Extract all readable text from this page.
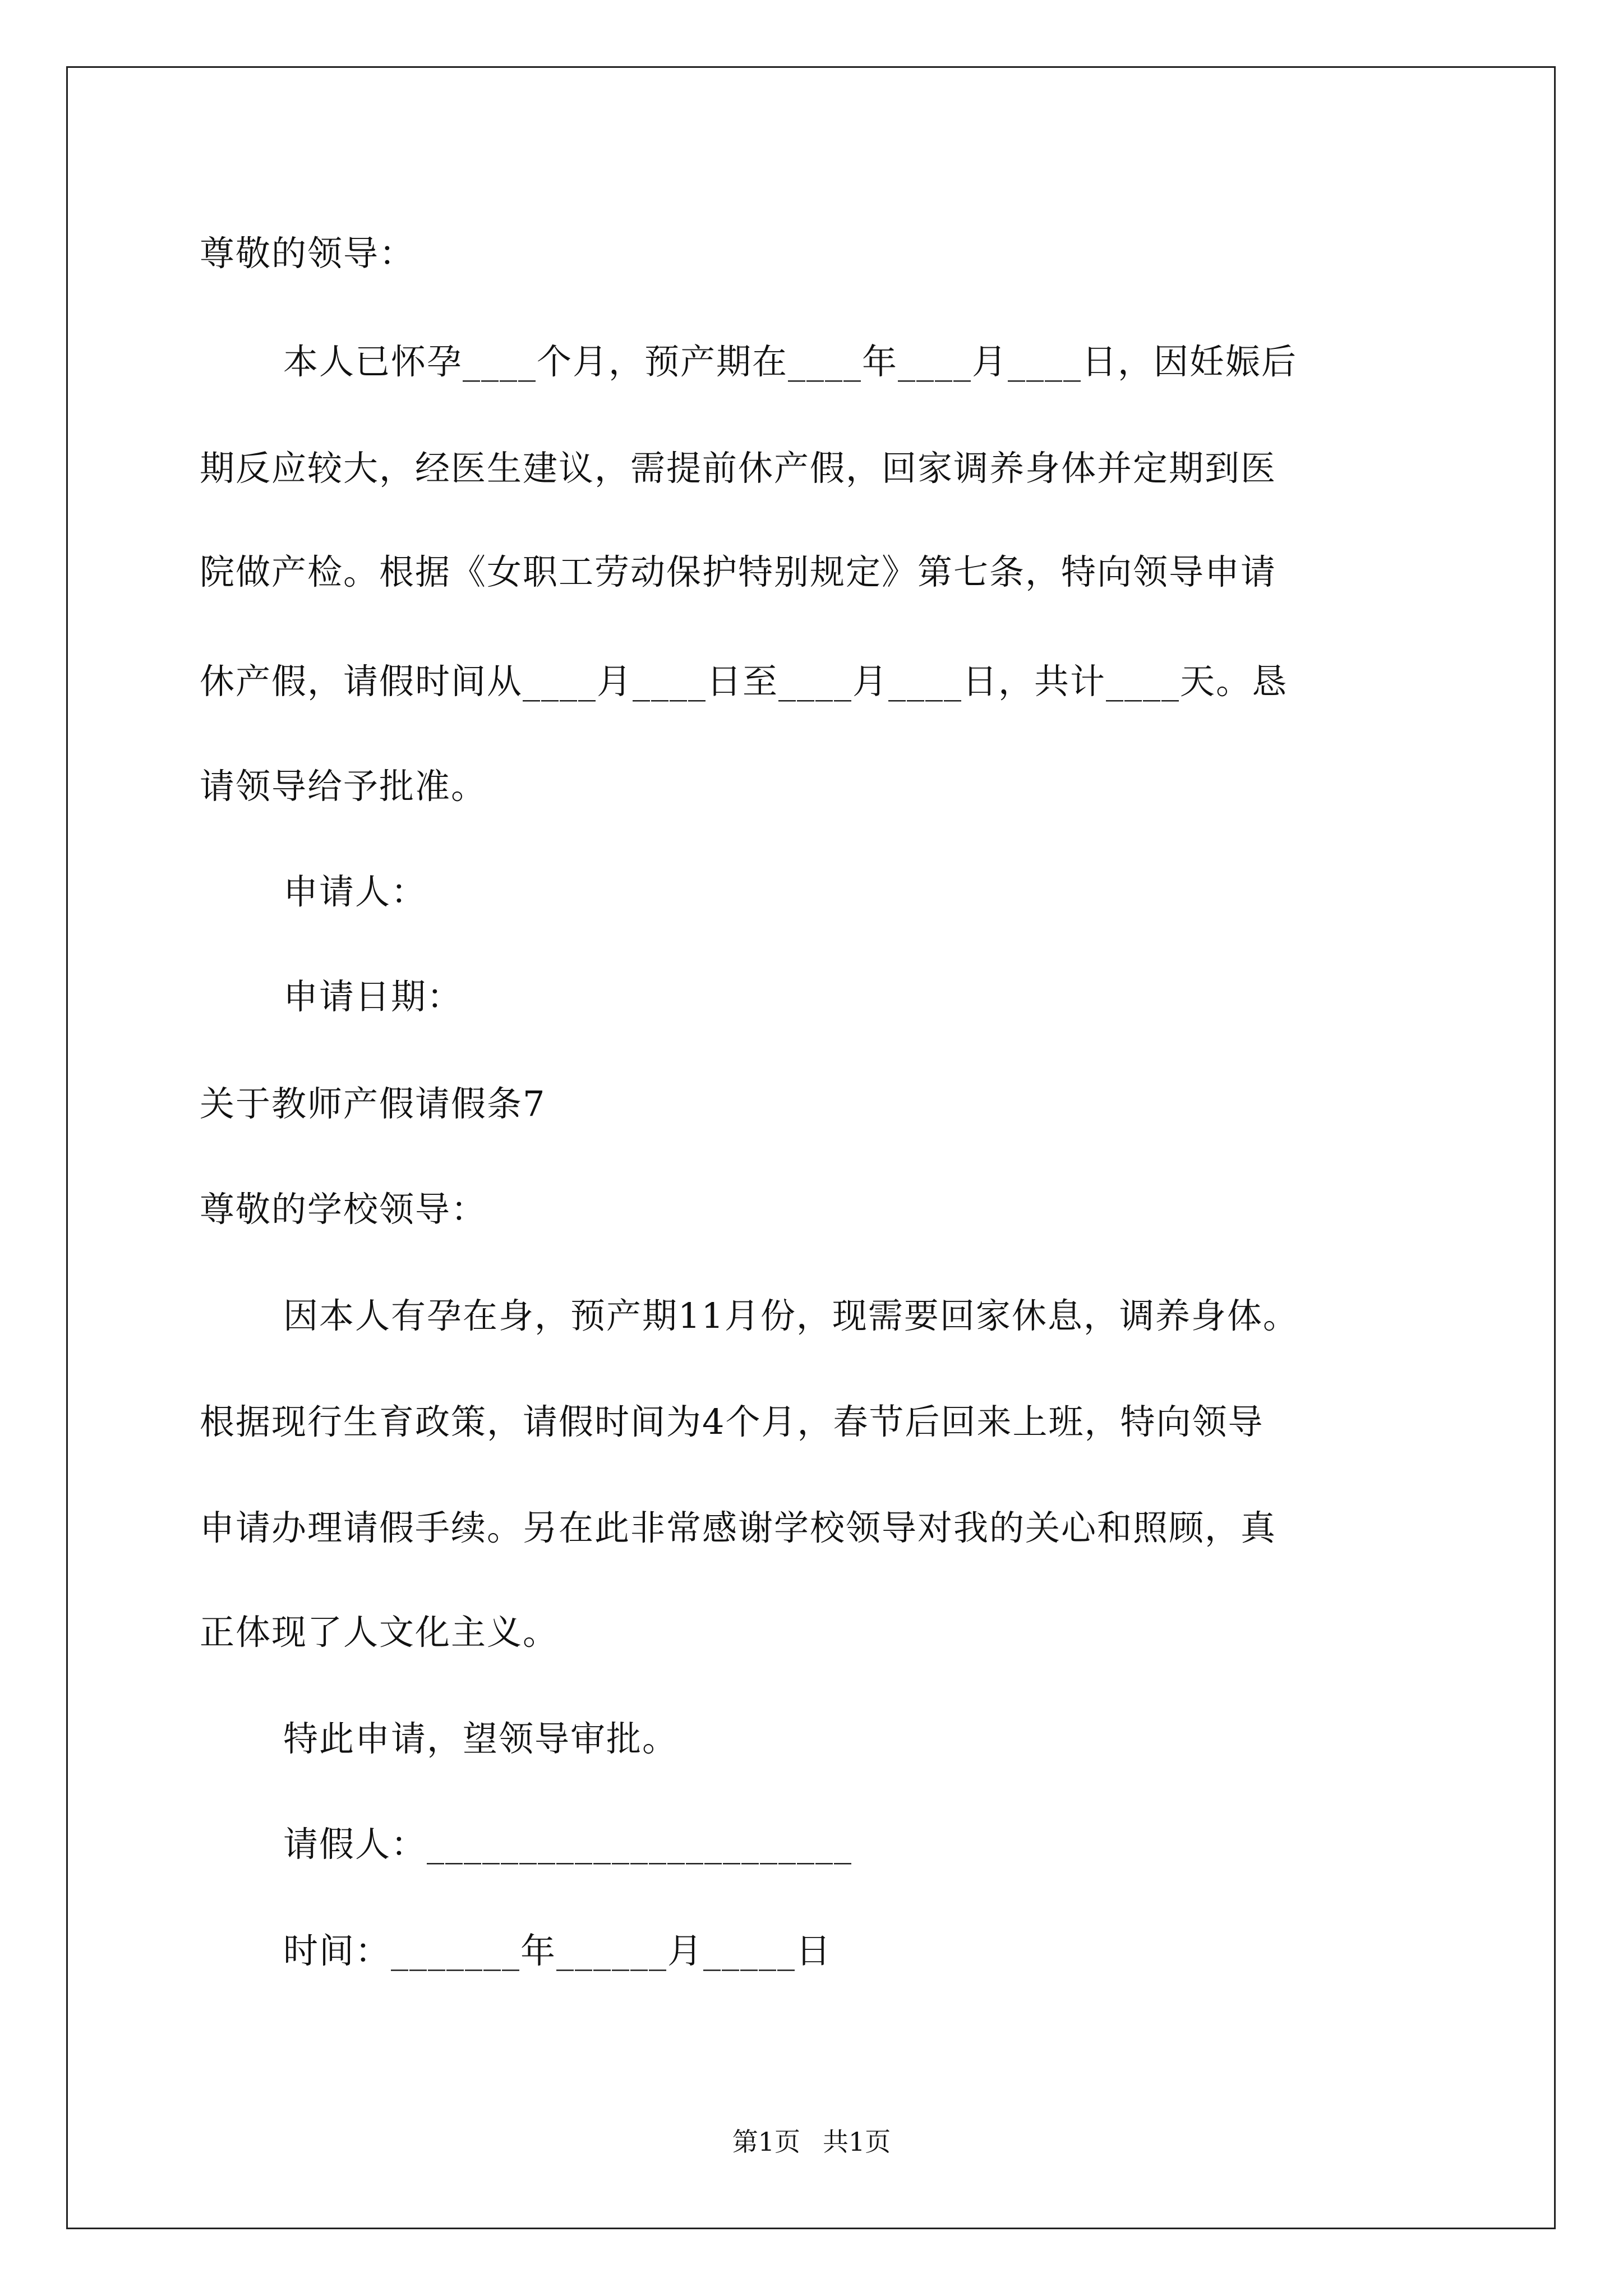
尊敬的领导：
本人已怀孕____个月，预产期在____年____月____日，因妊娠后
期反应较大，经医生建议，需提前休产假，回家调养身体并定期到医
院做产检。根据《女职工劳动保护特别规定》第七条，特向领导申请
休产假，请假时间从____月____日至____月____日，共计____天。恳
请领导给予批准。
申请人：
申请日期：
关于教师产假请假条7
尊敬的学校领导：
因本人有孕在身，预产期11月份，现需要回家休息，调养身体。
根据现行生育政策，请假时间为4个月，春节后回来上班，特向领导
申请办理请假手续。另在此非常感谢学校领导对我的关心和照顾，真
正体现了人文化主义。
特此申请，望领导审批。
请假人：_______________________
时间：_______年______月_____日
第1页 共1页
